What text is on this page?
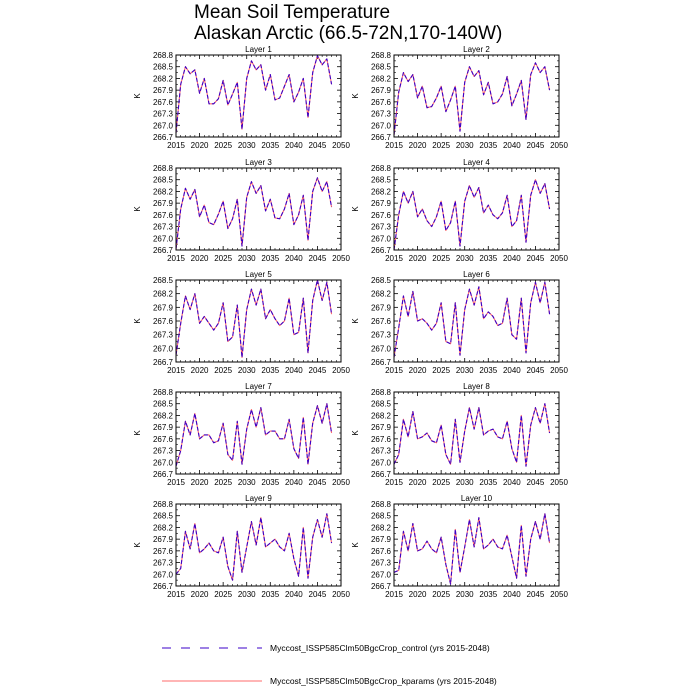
Mean Soil Temperature
Alaskan Arctic (66.5-72N,170-140W)
Layer 1
266.7
267.0
267.3
267.6
267.9
268.2
268.5
268.8
2015 2020 2025 2030 2035 2040 2045 2050
K
Layer 2
266.7
267.0
267.3
267.6
267.9
268.2
268.5
268.8
2015 2020 2025 2030 2035 2040 2045 2050
K
Layer 3
266.7
267.0
267.3
267.6
267.9
268.2
268.5
268.8
2015 2020 2025 2030 2035 2040 2045 2050
K
Layer 4
266.7
267.0
267.3
267.6
267.9
268.2
268.5
268.8
2015 2020 2025 2030 2035 2040 2045 2050
K
Layer 5
266.7
267.0
267.3
267.6
267.9
268.2
268.5
2015 2020 2025 2030 2035 2040 2045 2050
K
Layer 6
266.7
267.0
267.3
267.6
267.9
268.2
268.5
2015 2020 2025 2030 2035 2040 2045 2050
K
Layer 7
266.7
267.0
267.3
267.6
267.9
268.2
268.5
268.8
2015 2020 2025 2030 2035 2040 2045 2050
K
Layer 8
266.7
267.0
267.3
267.6
267.9
268.2
268.5
268.8
2015 2020 2025 2030 2035 2040 2045 2050
K
Layer 9
266.7
267.0
267.3
267.6
267.9
268.2
268.5
268.8
2015 2020 2025 2030 2035 2040 2045 2050
K
Layer 10
266.7
267.0
267.3
267.6
267.9
268.2
268.5
268.8
2015 2020 2025 2030 2035 2040 2045 2050
K
Myccost_ISSP585Clm50BgcCrop_control (yrs 2015-2048)
Myccost_ISSP585Clm50BgcCrop_kparams (yrs 2015-2048)
